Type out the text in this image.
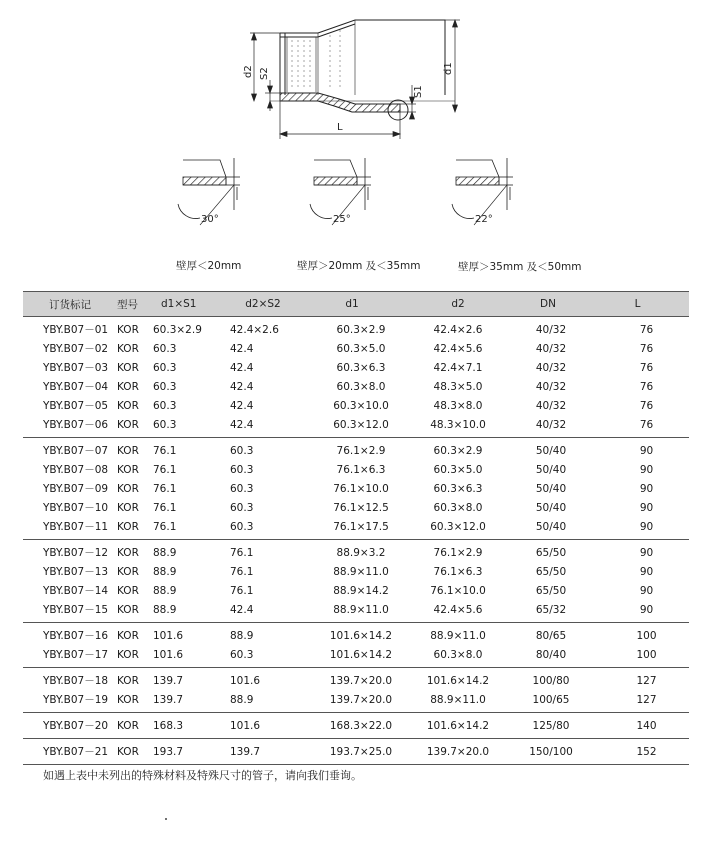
d2 S2	d1
S1
L
30°	25°	22°
壁厚＜20mm	壁厚＞20mm 及＜35mm	壁厚＞35mm 及＜50mm
订货标记	型号	d1×S1	d2×S2	d1	d2	DN	L
YBY.B07－01	KOR	60.3×2.9	42.4×2.6	60.3×2.9	42.4×2.6	40/32	76
YBY.B07－02	KOR	60.3	42.4	60.3×5.0	42.4×5.6	40/32	76
YBY.B07－03	KOR	60.3	42.4	60.3×6.3	42.4×7.1	40/32	76
YBY.B07－04	KOR	60.3	42.4	60.3×8.0	48.3×5.0	40/32	76
YBY.B07－05	KOR	60.3	42.4	60.3×10.0	48.3×8.0	40/32	76
YBY.B07－06	KOR	60.3	42.4	60.3×12.0	48.3×10.0	40/32	76
YBY.B07－07	KOR	76.1	60.3	76.1×2.9	60.3×2.9	50/40	90
YBY.B07－08	KOR	76.1	60.3	76.1×6.3	60.3×5.0	50/40	90
YBY.B07－09	KOR	76.1	60.3	76.1×10.0	60.3×6.3	50/40	90
YBY.B07－10	KOR	76.1	60.3	76.1×12.5	60.3×8.0	50/40	90
YBY.B07－11	KOR	76.1	60.3	76.1×17.5	60.3×12.0	50/40	90
YBY.B07－12	KOR	88.9	76.1	88.9×3.2	76.1×2.9	65/50	90
YBY.B07－13	KOR	88.9	76.1	88.9×11.0	76.1×6.3	65/50	90
YBY.B07－14	KOR	88.9	76.1	88.9×14.2	76.1×10.0	65/50	90
YBY.B07－15	KOR	88.9	42.4	88.9×11.0	42.4×5.6	65/32	90
YBY.B07－16	KOR	101.6	88.9	101.6×14.2	88.9×11.0	80/65	100
YBY.B07－17	KOR	101.6	60.3	101.6×14.2	60.3×8.0	80/40	100
YBY.B07－18	KOR	139.7	101.6	139.7×20.0	101.6×14.2	100/80	127
YBY.B07－19	KOR	139.7	88.9	139.7×20.0	88.9×11.0	100/65	127
YBY.B07－20	KOR	168.3	101.6	168.3×22.0	101.6×14.2	125/80	140
YBY.B07－21	KOR	193.7	139.7	193.7×25.0	139.7×20.0	150/100	152
如遇上表中未列出的特殊材料及特殊尺寸的管子，请向我们垂询。
